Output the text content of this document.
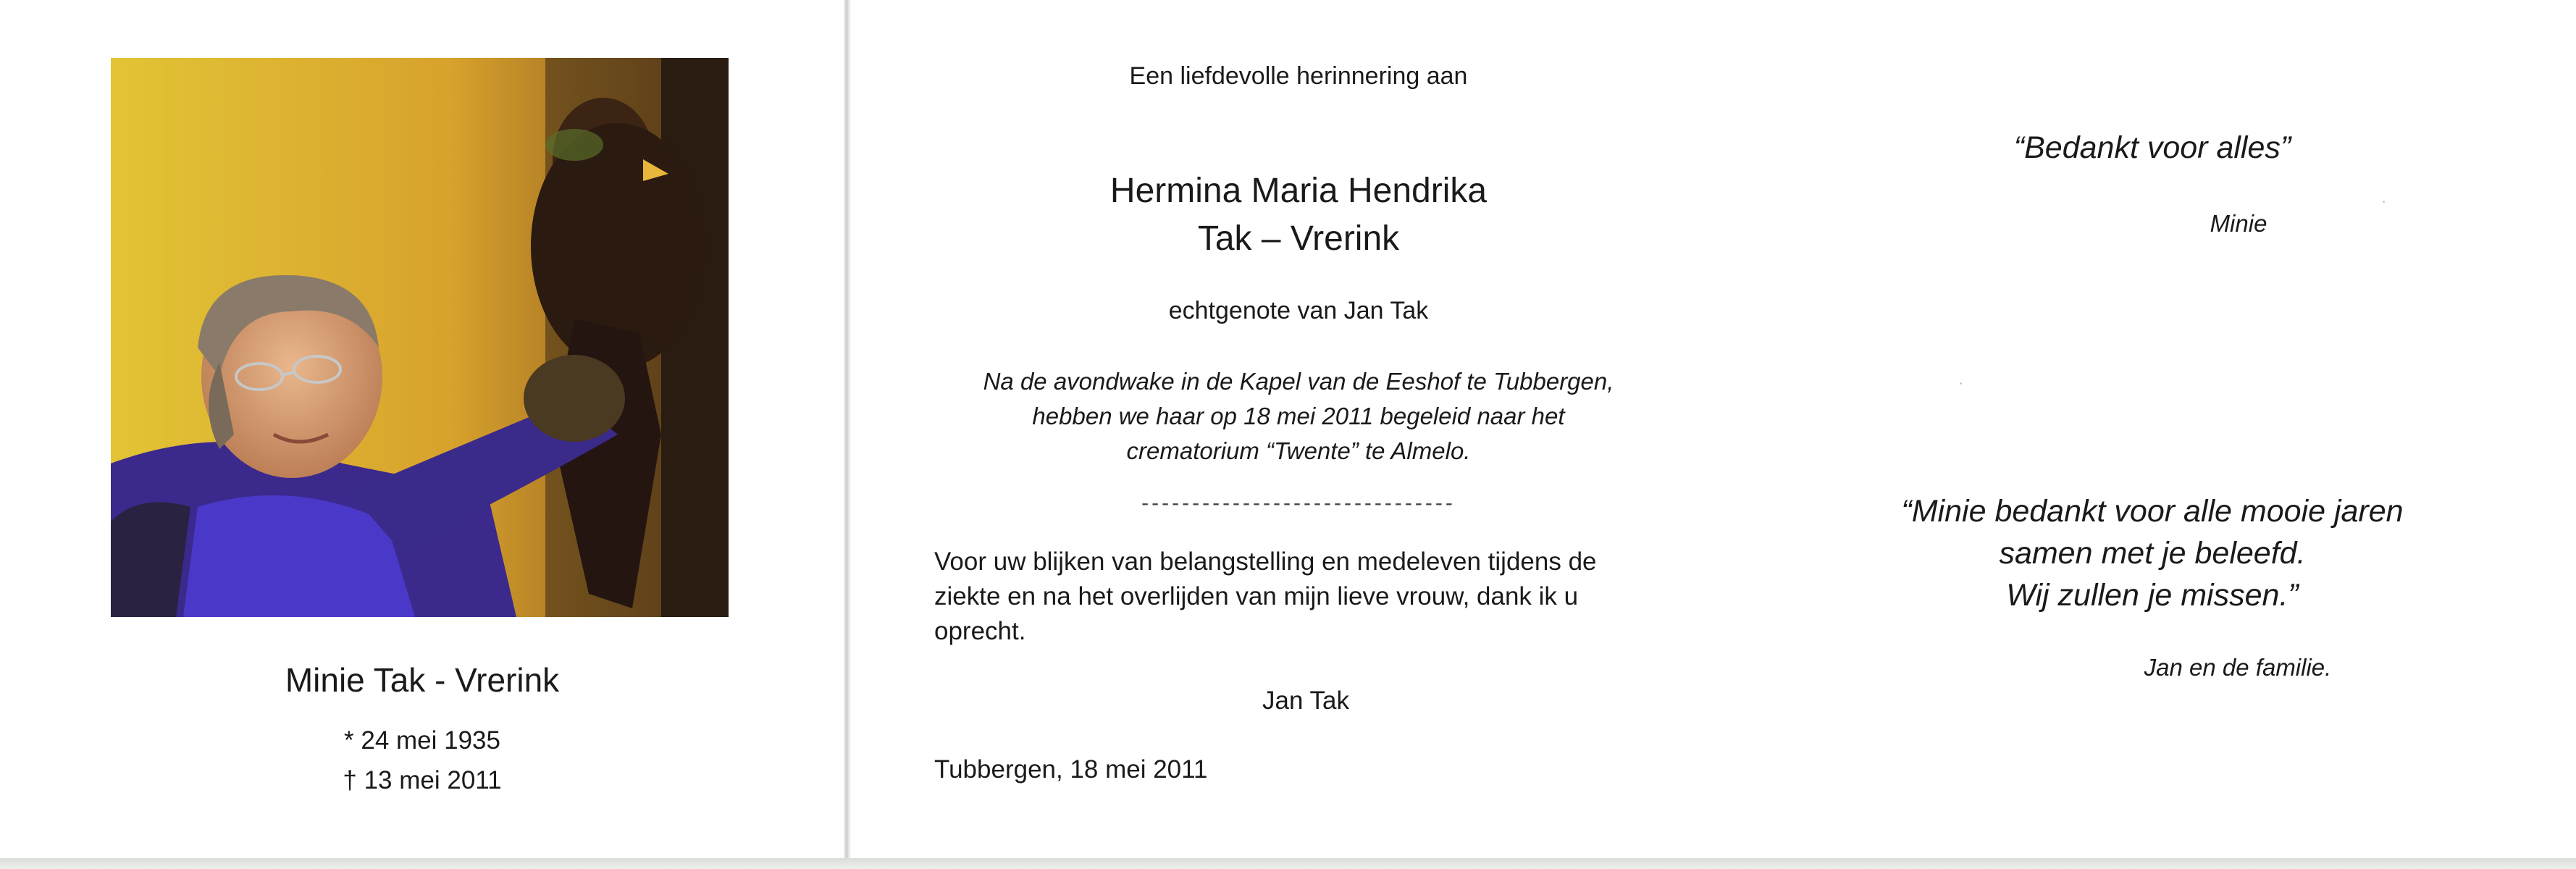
Minie Tak - Vrerink
* 24 mei 1935
† 13 mei 2011
Een liefdevolle herinnering aan
Hermina Maria Hendrika
Tak – Vrerink
echtgenote van Jan Tak
Na de avondwake in de Kapel van de Eeshof te Tubbergen,
hebben we haar op 18 mei 2011 begeleid naar het
crematorium “Twente” te Almelo.
-------------------------------
Voor uw blijken van belangstelling en medeleven tijdens de ziekte en na het overlijden van mijn lieve vrouw, dank ik u oprecht.
Jan Tak
Tubbergen, 18 mei 2011
“Bedankt voor alles”
Minie
“Minie bedankt voor alle mooie jaren
samen met je beleefd.
Wij zullen je missen.”
Jan en de familie.
